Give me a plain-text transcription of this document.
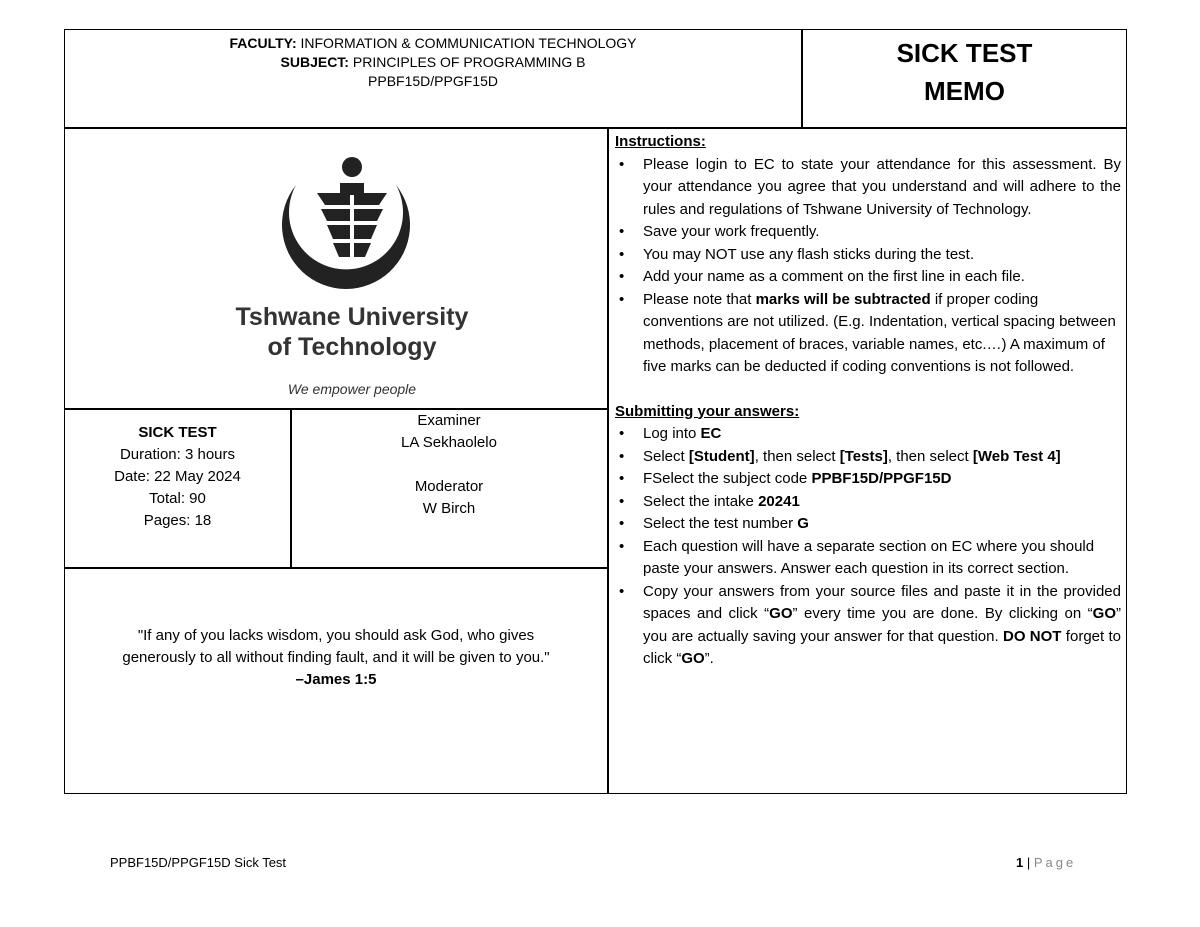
FACULTY: INFORMATION & COMMUNICATION TECHNOLOGY
SUBJECT: PRINCIPLES OF PROGRAMMING B
PPBF15D/PPGF15D
SICK TEST
MEMO
Tshwane University
of Technology
We empower people
SICK TEST
Duration: 3 hours
Date: 22 May 2024
Total: 90
Pages: 18
Examiner
LA Sekhaolelo
Moderator
W Birch
"If any of you lacks wisdom, you should ask God, who gives
generously to all without finding fault, and it will be given to you."
–James 1:5
Instructions:
• Please login to EC to state your attendance for this assessment. By your attendance you agree that you understand and will adhere to the rules and regulations of Tshwane University of Technology.
• Save your work frequently.
• You may NOT use any flash sticks during the test.
• Add your name as a comment on the first line in each file.
• Please note that marks will be subtracted if proper coding conventions are not utilized. (E.g. Indentation, vertical spacing between methods, placement of braces, variable names, etc.…) A maximum of five marks can be deducted if coding conventions is not followed.
Submitting your answers:
• Log into EC
• Select [Student], then select [Tests], then select [Web Test 4]
• FSelect the subject code PPBF15D/PPGF15D
• Select the intake 20241
• Select the test number G
• Each question will have a separate section on EC where you should paste your answers. Answer each question in its correct section.
• Copy your answers from your source files and paste it in the provided spaces and click “GO” every time you are done. By clicking on “GO” you are actually saving your answer for that question. DO NOT forget to click “GO”.
PPBF15D/PPGF15D Sick Test	1 | Page
